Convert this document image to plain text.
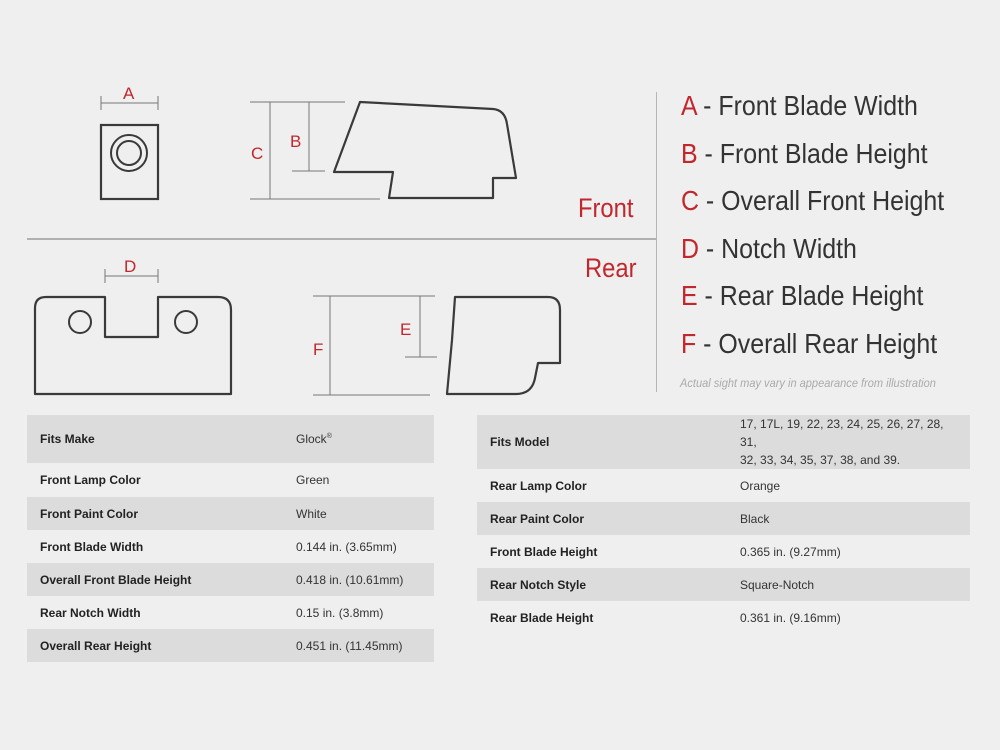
A
C
B
D
F
E
Front
Rear
A - Front Blade Width
B - Front Blade Height
C - Overall Front Height
D - Notch Width
E - Rear Blade Height
F - Overall Rear Height
Actual sight may vary in appearance from illustration
Fits Make	Glock®
Front Lamp Color	Green
Front Paint Color	White
Front Blade Width	0.144 in. (3.65mm)
Overall Front Blade Height	0.418 in. (10.61mm)
Rear Notch Width	0.15 in. (3.8mm)
Overall Rear Height	0.451 in. (11.45mm)
Fits Model	17, 17L, 19, 22, 23, 24, 25, 26, 27, 28, 31,
32, 33, 34, 35, 37, 38, and 39.

Rear Lamp Color	Orange
Rear Paint Color	Black
Front Blade Height	0.365 in. (9.27mm)
Rear Notch Style	Square-Notch
Rear Blade Height	0.361 in. (9.16mm)
